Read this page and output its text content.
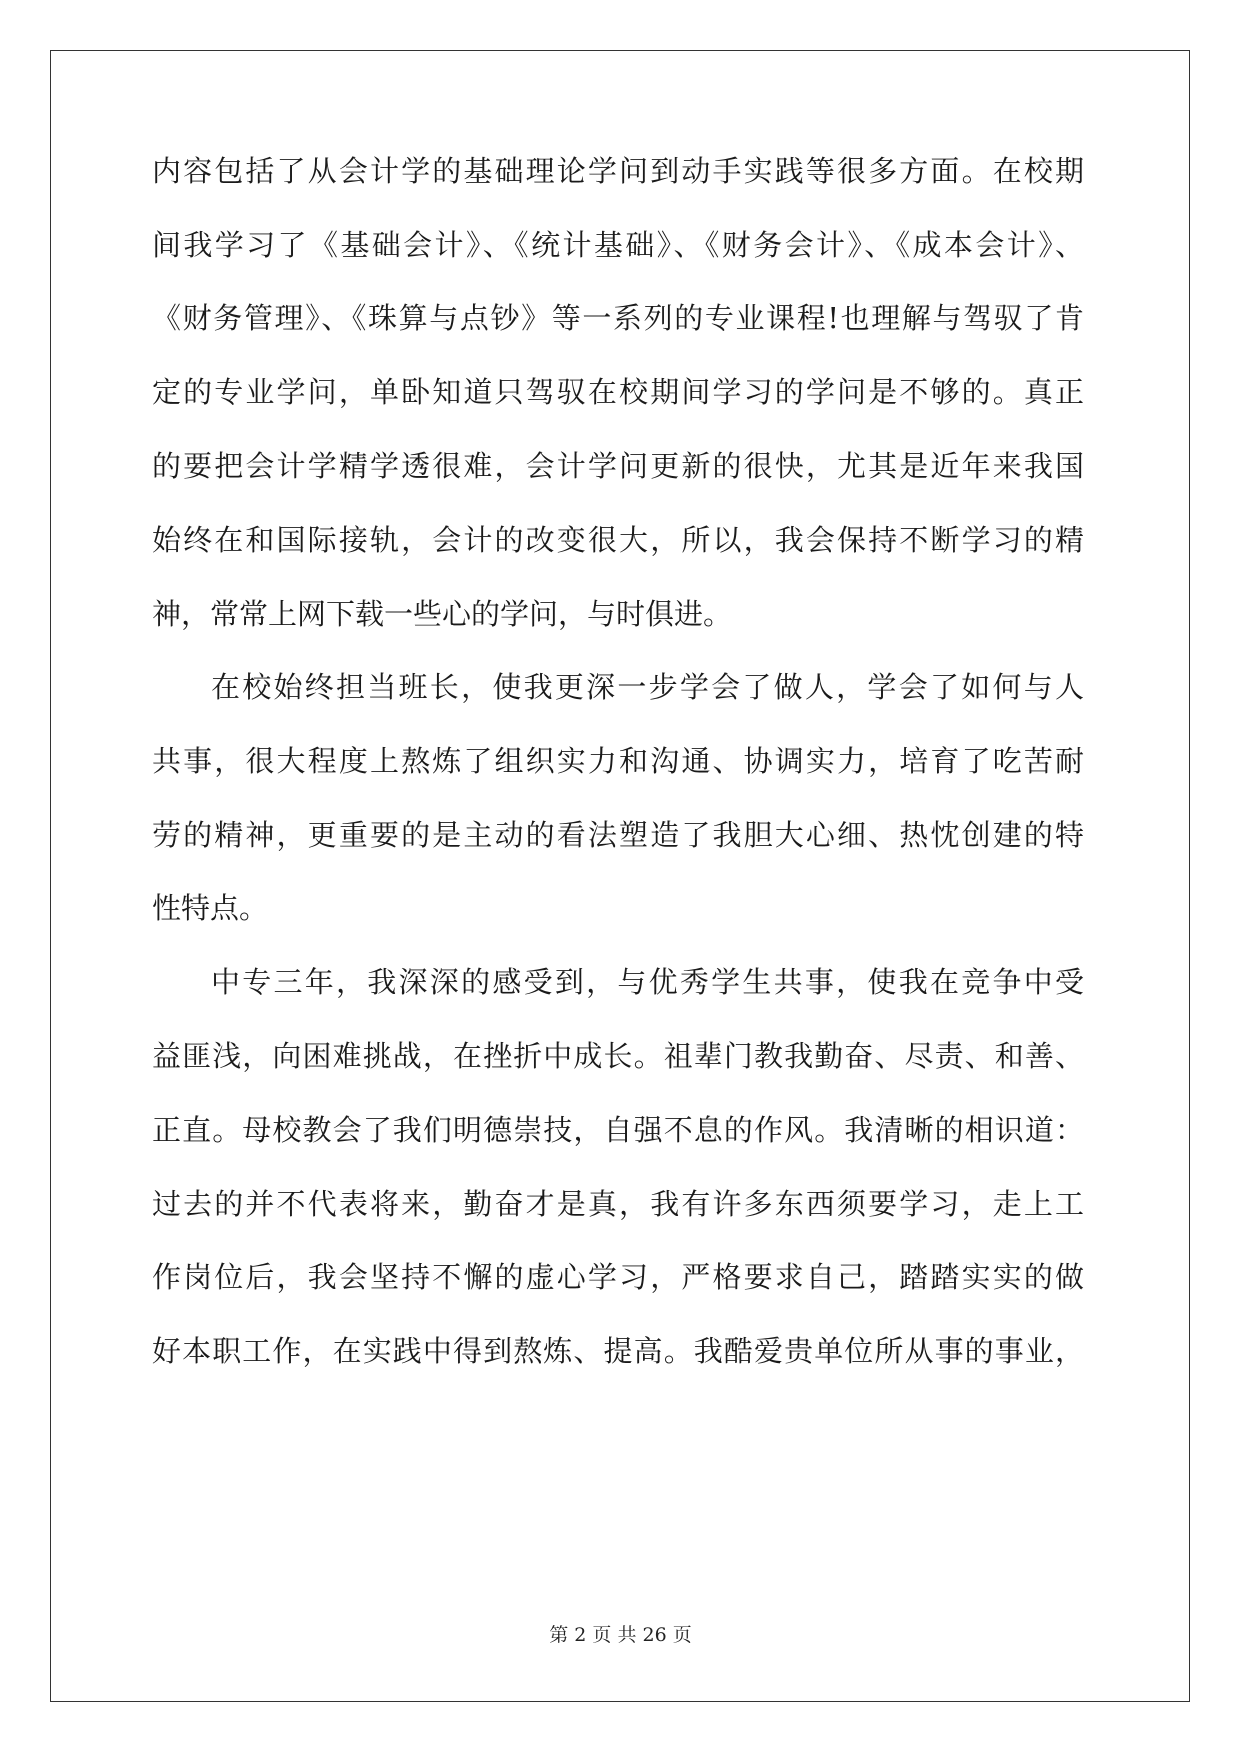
内容包括了从会计学的基础理论学问到动手实践等很多方面。在校期
间我学习了《基础会计》、《统计基础》、《财务会计》、《成本会计》、
《财务管理》、《珠算与点钞》等一系列的专业课程!也理解与驾驭了肯
定的专业学问，单卧知道只驾驭在校期间学习的学问是不够的。真正
的要把会计学精学透很难，会计学问更新的很快，尤其是近年来我国
始终在和国际接轨，会计的改变很大，所以，我会保持不断学习的精
神，常常上网下载一些心的学问，与时俱进。
在校始终担当班长，使我更深一步学会了做人，学会了如何与人
共事，很大程度上熬炼了组织实力和沟通、协调实力，培育了吃苦耐
劳的精神，更重要的是主动的看法塑造了我胆大心细、热忱创建的特
性特点。
中专三年，我深深的感受到，与优秀学生共事，使我在竞争中受
益匪浅，向困难挑战，在挫折中成长。祖辈门教我勤奋、尽责、和善、
正直。母校教会了我们明德崇技，自强不息的作风。我清晰的相识道：
过去的并不代表将来，勤奋才是真，我有许多东西须要学习，走上工
作岗位后，我会坚持不懈的虚心学习，严格要求自己，踏踏实实的做
好本职工作，在实践中得到熬炼、提高。我酷爱贵单位所从事的事业，
第 2 页 共 26 页
